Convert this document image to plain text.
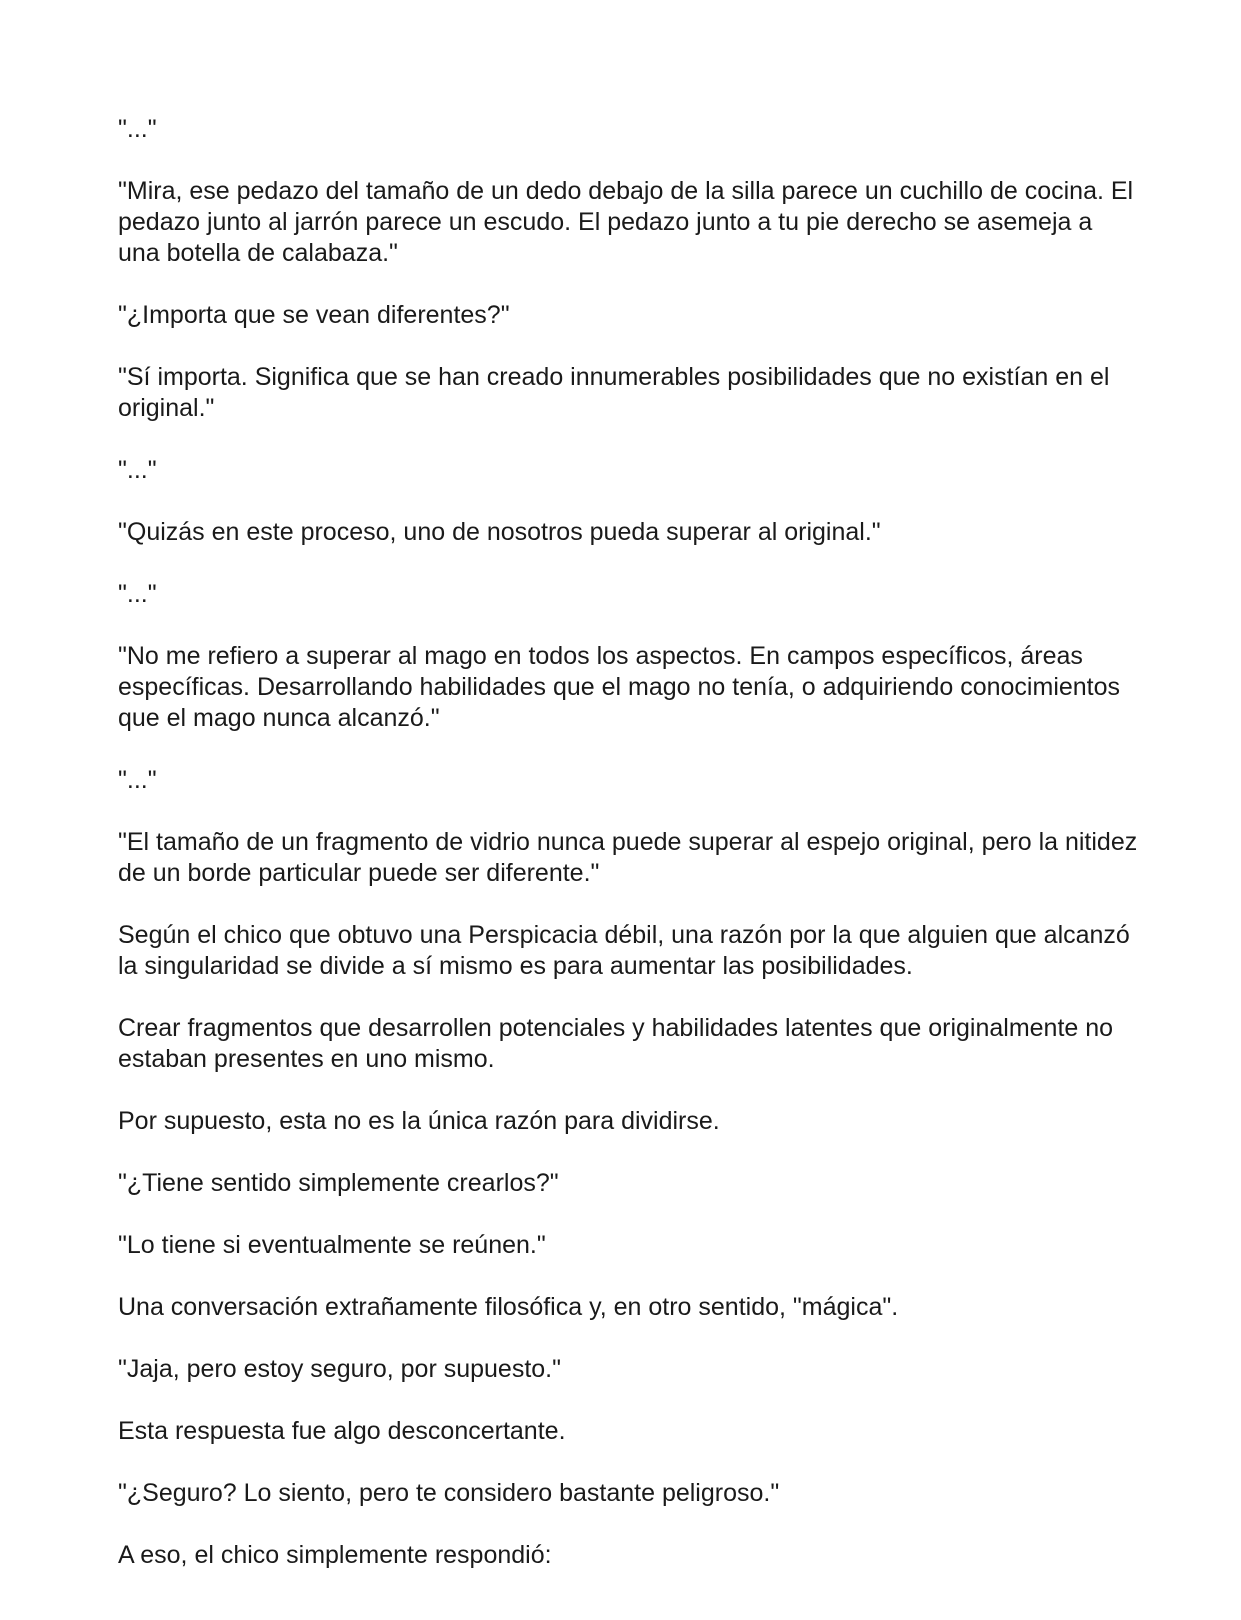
"..."

"Mira, ese pedazo del tamaño de un dedo debajo de la silla parece un cuchillo de cocina. El pedazo junto al jarrón parece un escudo. El pedazo junto a tu pie derecho se asemeja a una botella de calabaza."

"¿Importa que se vean diferentes?"

"Sí importa. Significa que se han creado innumerables posibilidades que no existían en el original."

"..."

"Quizás en este proceso, uno de nosotros pueda superar al original."

"..."

"No me refiero a superar al mago en todos los aspectos. En campos específicos, áreas específicas. Desarrollando habilidades que el mago no tenía, o adquiriendo conocimientos que el mago nunca alcanzó."

"..."

"El tamaño de un fragmento de vidrio nunca puede superar al espejo original, pero la nitidez de un borde particular puede ser diferente."

Según el chico que obtuvo una Perspicacia débil, una razón por la que alguien que alcanzó la singularidad se divide a sí mismo es para aumentar las posibilidades.

Crear fragmentos que desarrollen potenciales y habilidades latentes que originalmente no estaban presentes en uno mismo.

Por supuesto, esta no es la única razón para dividirse.

"¿Tiene sentido simplemente crearlos?"

"Lo tiene si eventualmente se reúnen."

Una conversación extrañamente filosófica y, en otro sentido, "mágica".

"Jaja, pero estoy seguro, por supuesto."

Esta respuesta fue algo desconcertante.

"¿Seguro? Lo siento, pero te considero bastante peligroso."

A eso, el chico simplemente respondió:
